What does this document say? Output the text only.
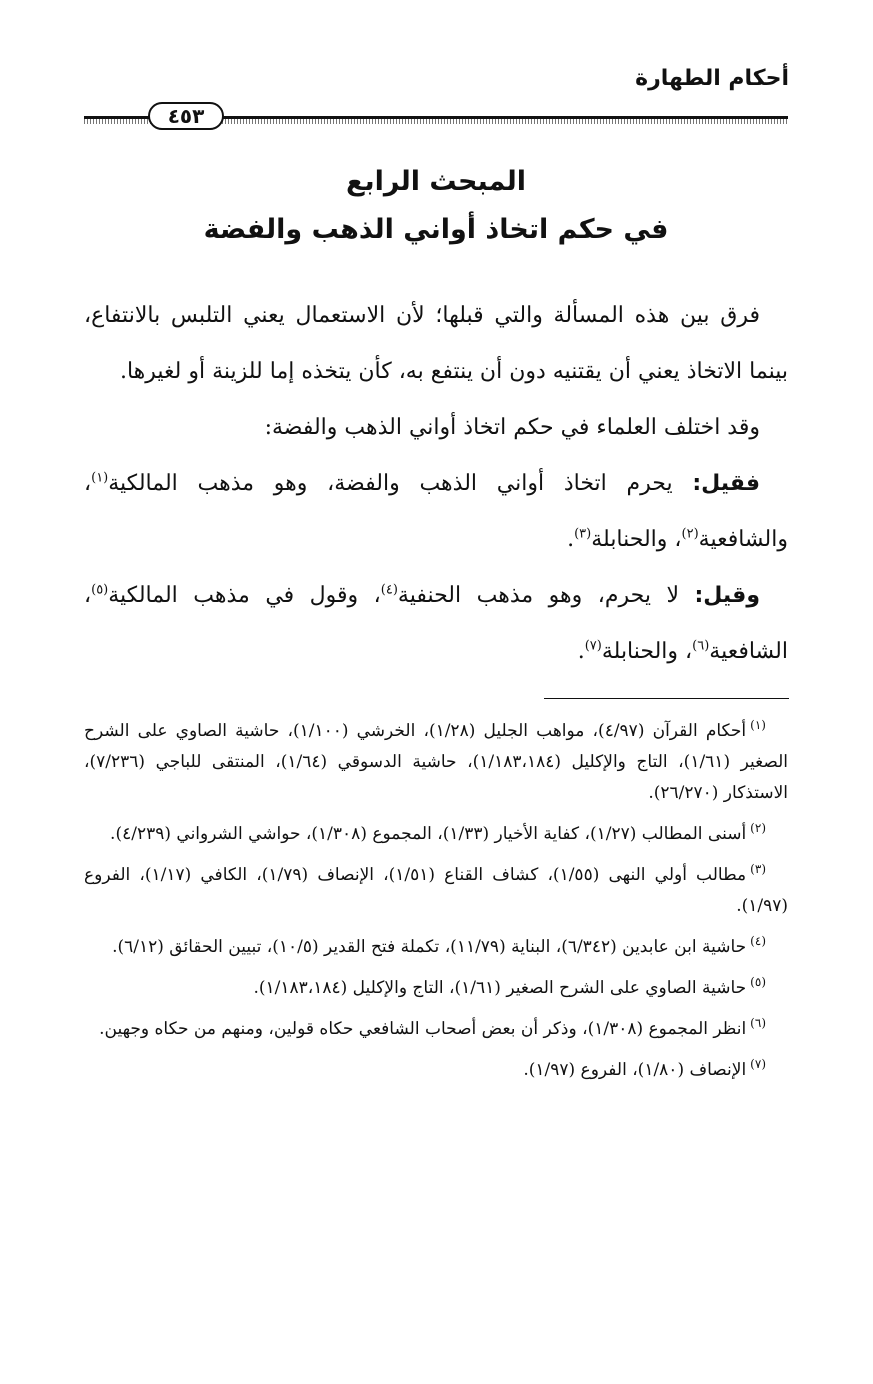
أحكام الطهارة
٤٥٣
المبحث الرابع
في حكم اتخاذ أواني الذهب والفضة

فرق بين هذه المسألة والتي قبلها؛ لأن الاستعمال يعني التلبس بالانتفاع، بينما الاتخاذ يعني أن يقتنيه دون أن ينتفع به، كأن يتخذه إما للزينة أو لغيرها.

وقد اختلف العلماء في حكم اتخاذ أواني الذهب والفضة:

فقيل: يحرم اتخاذ أواني الذهب والفضة، وهو مذهب المالكية$^{(١)}$، والشافعية$^{(٢)}$، والحنابلة$^{(٣)}$.

وقيل: لا يحرم، وهو مذهب الحنفية$^{(٤)}$، وقول في مذهب المالكية$^{(٥)}$، الشافعية$^{(٦)}$، والحنابلة$^{(٧)}$.

$^{(١)}$أحكام القرآن (٤/٩٧)، مواهب الجليل (١/٢٨)، الخرشي (١/١٠٠)، حاشية الصاوي على الشرح الصغير (١/٦١)، التاج والإكليل (١/١٨٣،١٨٤)، حاشية الدسوقي (١/٦٤)، المنتقى للباجي (٧/٢٣٦)، الاستذكار (٢٦/٢٧٠).

$^{(٢)}$أسنى المطالب (١/٢٧)، كفاية الأخيار (١/٣٣)، المجموع (١/٣٠٨)، حواشي الشرواني (٤/٢٣٩).

$^{(٣)}$مطالب أولي النهى (١/٥٥)، كشاف القناع (١/٥١)، الإنصاف (١/٧٩)، الكافي (١/١٧)، الفروع (١/٩٧).

$^{(٤)}$حاشية ابن عابدين (٦/٣٤٢)، البناية (١١/٧٩)، تكملة فتح القدير (١٠/٥)، تبيين الحقائق (٦/١٢).

$^{(٥)}$حاشية الصاوي على الشرح الصغير (١/٦١)، التاج والإكليل (١/١٨٣،١٨٤).

$^{(٦)}$انظر المجموع (١/٣٠٨)، وذكر أن بعض أصحاب الشافعي حكاه قولين، ومنهم من حكاه وجهين.

$^{(٧)}$الإنصاف (١/٨٠)، الفروع (١/٩٧).
